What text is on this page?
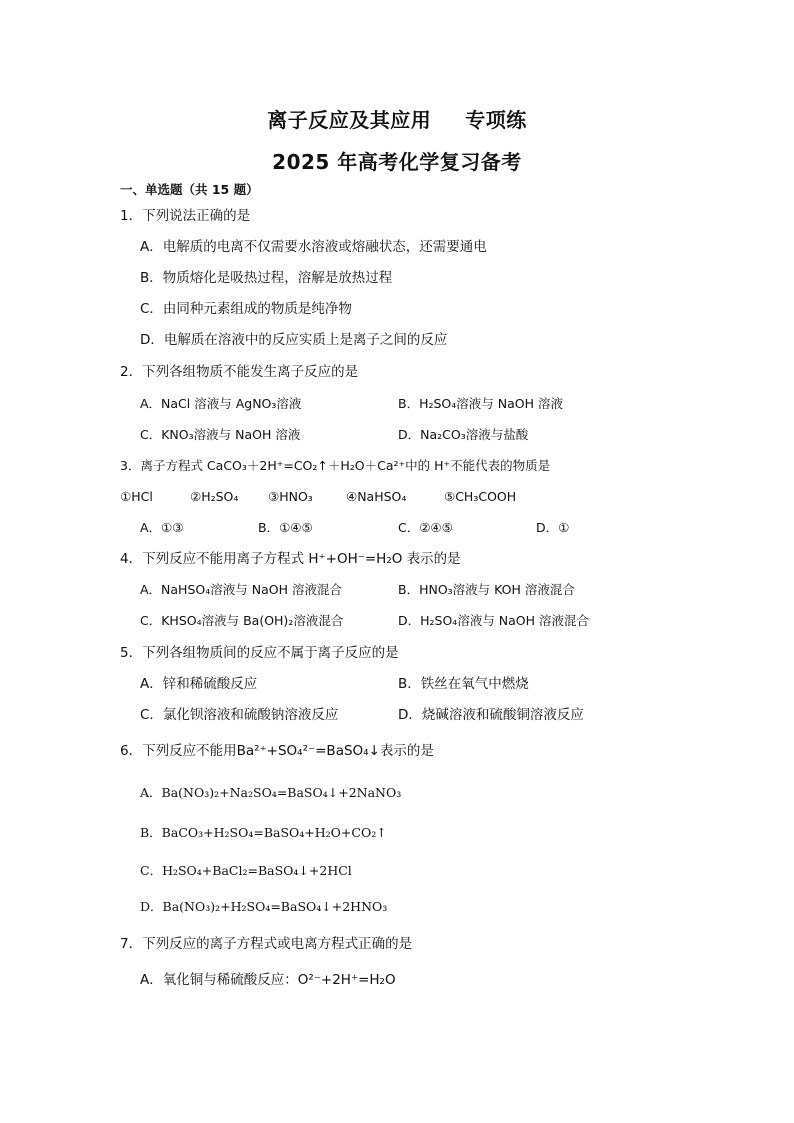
离子反应及其应用 专项练
2025 年高考化学复习备考
一、单选题（共 15 题）
1．下列说法正确的是
A．电解质的电离不仅需要水溶液或熔融状态，还需要通电
B．物质熔化是吸热过程，溶解是放热过程
C．由同种元素组成的物质是纯净物
D．电解质在溶液中的反应实质上是离子之间的反应
2．下列各组物质不能发生离子反应的是
A．NaCl 溶液与 AgNO₃溶液	B．H₂SO₄溶液与 NaOH 溶液
C．KNO₃溶液与 NaOH 溶液	D．Na₂CO₃溶液与盐酸
3．离子方程式 CaCO₃＋2H⁺=CO₂↑＋H₂O＋Ca²⁺中的 H⁺不能代表的物质是
①HCl	②H₂SO₄ ③HNO₃	④NaHSO₄	⑤CH₃COOH
A．①③	B．①④⑤	C．②④⑤	D．①
4．下列反应不能用离子方程式 H⁺+OH⁻=H₂O 表示的是
A．NaHSO₄溶液与 NaOH 溶液混合	B．HNO₃溶液与 KOH 溶液混合
C．KHSO₄溶液与 Ba(OH)₂溶液混合	D．H₂SO₄溶液与 NaOH 溶液混合
5．下列各组物质间的反应不属于离子反应的是
A．锌和稀硫酸反应	B．铁丝在氧气中燃烧
C．氯化钡溶液和硫酸钠溶液反应	D．烧碱溶液和硫酸铜溶液反应
6．下列反应不能用Ba²⁺+SO₄²⁻=BaSO₄↓表示的是
A．Ba(NO₃)₂+Na₂SO₄=BaSO₄↓+2NaNO₃
B．BaCO₃+H₂SO₄=BaSO₄+H₂O+CO₂↑
C．H₂SO₄+BaCl₂=BaSO₄↓+2HCl
D．Ba(NO₃)₂+H₂SO₄=BaSO₄↓+2HNO₃
7．下列反应的离子方程式或电离方程式正确的是
A．氧化铜与稀硫酸反应：O²⁻+2H⁺=H₂O
